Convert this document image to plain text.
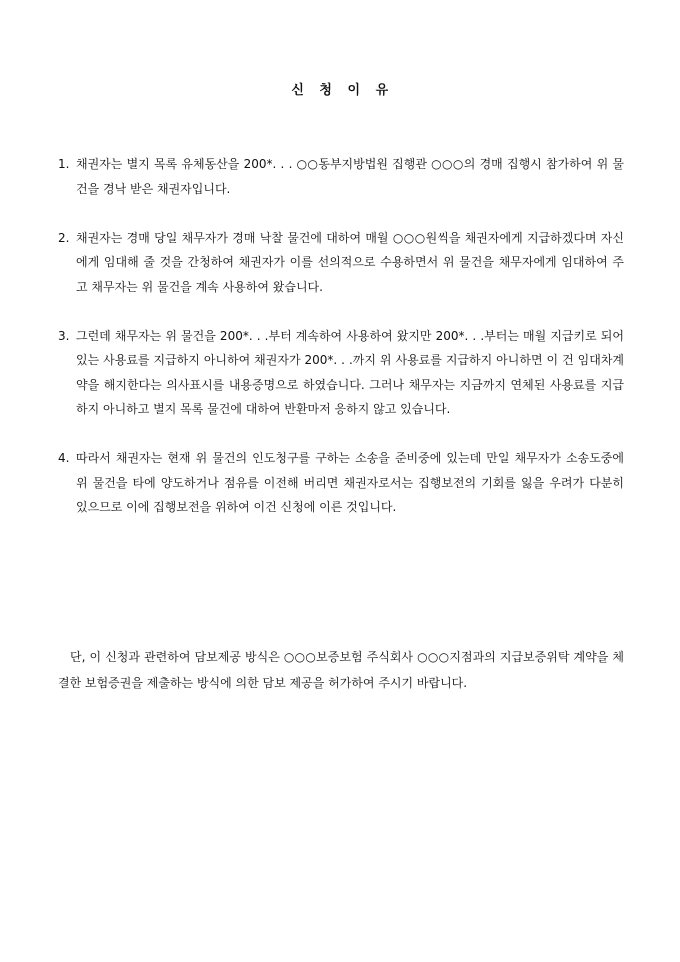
신 청 이 유
1. 채권자는 별지 목록 유체동산을 200*. . . ○○동부지방법원 집행관 ○○○의 경매 집행시 참가하여 위 물건을 경낙 받은 채권자입니다.
2. 채권자는 경매 당일 채무자가 경매 낙찰 물건에 대하여 매월 ○○○원씩을 채권자에게 지급하겠다며 자신에게 임대해 줄 것을 간청하여 채권자가 이를 선의적으로 수용하면서 위 물건을 채무자에게 임대하여 주고 채무자는 위 물건을 계속 사용하여 왔습니다.
3. 그런데 채무자는 위 물건을 200*. . .부터 계속하여 사용하여 왔지만 200*. . .부터는 매월 지급키로 되어 있는 사용료를 지급하지 아니하여 채권자가 200*. . .까지 위 사용료를 지급하지 아니하면 이 건 임대차계약을 해지한다는 의사표시를 내용증명으로 하였습니다. 그러나 채무자는 지금까지 연체된 사용료를 지급하지 아니하고 별지 목록 물건에 대하여 반환마저 응하지 않고 있습니다.
4. 따라서 채권자는 현재 위 물건의 인도청구를 구하는 소송을 준비중에 있는데 만일 채무자가 소송도중에 위 물건을 타에 양도하거나 점유를 이전해 버리면 채권자로서는 집행보전의 기회를 잃을 우려가 다분히 있으므로 이에 집행보전을 위하여 이건 신청에 이른 것입니다.

단, 이 신청과 관련하여 담보제공 방식은 ○○○보증보험 주식회사 ○○○지점과의 지급보증위탁 계약을 체결한 보험증권을 제출하는 방식에 의한 담보 제공을 허가하여 주시기 바랍니다.
